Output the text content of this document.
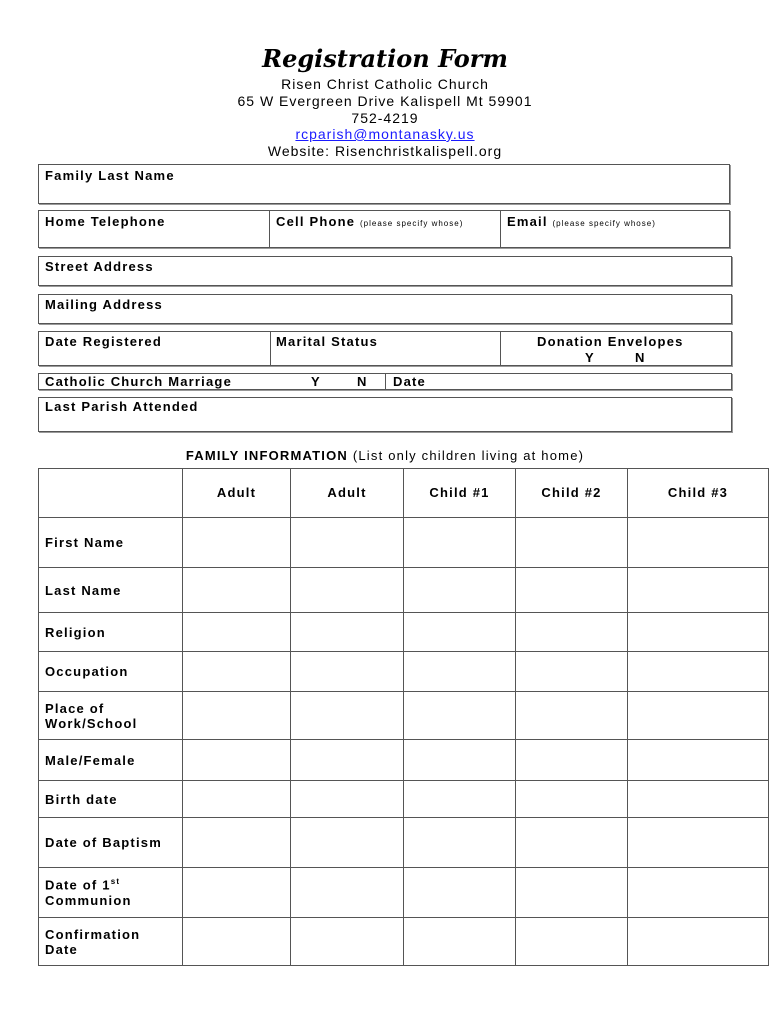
Registration Form
Risen Christ Catholic Church
65 W Evergreen Drive Kalispell Mt 59901
752-4219
rcparish@montanasky.us
Website: Risenchristkalispell.org
Family Last Name
Home Telephone	Cell Phone (please specify whose)	Email (please specify whose)
Street Address
Mailing Address
Date Registered	Marital Status	Donation Envelopes
Y	N
Catholic Church Marriage	Y	N Date
Last Parish Attended
FAMILY INFORMATION (List only children living at home)
	Adult	Adult	Child #1	Child #2	Child #3
First Name					
Last Name					
Religion					
Occupation					

Place of
Work/School					

Male/Female					
Birth date					
Date of Baptism					

Date of 1st
Communion					

Confirmation
Date					
